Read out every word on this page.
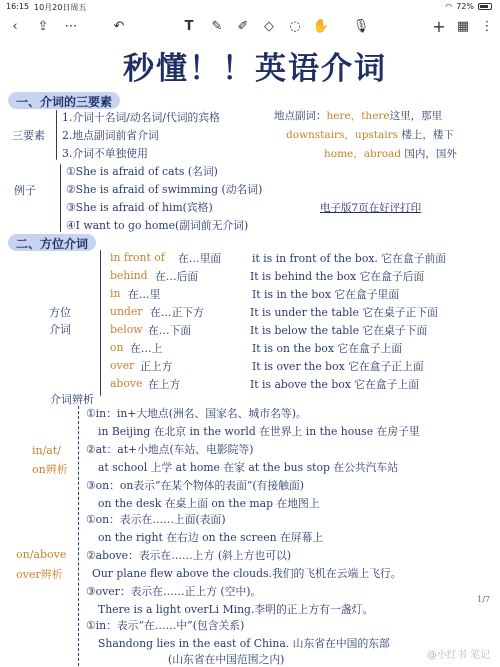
16:15 10月20日周五	◠ 72%
‹	⇪ ⋯	↶	T	✎ ✐	◇	◌ ✋ 🎙	+ ▦ ⋮
秒懂！！英语介词
一、介词的三要素
三要素
1.介词十名词/动名词/代词的宾格
2.地点副词前省介词
3.介词不单独使用
地点副词：here，there这里，那里
downstairs，upstairs 楼上，楼下
home，abroad 国内，国外
例子
①She is afraid of cats (名词)
②She is afraid of swimming (动名词)
③She is afraid of him(宾格)
④I want to go home(副词前无介词)
电子版7页在好评打印
二、方位介词
方位介词
in front of 在…里面	it is in front of the box. 它在盒子前面
behind 在…后面	It is behind the box 它在盒子后面
in 在…里	It is in the box 它在盒子里面
under 在…正下方	It is under the table 它在桌子正下面
below 在…下面	It is below the table 它在桌子下面
on 在…上	It is on the box 它在盒子上面
over 正上方	It is over the box 它在盒子正上面
above 在上方	It is above the box 它在盒子上面
介词辨析
in/at/
on辨析
①in：in+大地点(洲名、国家名、城市名等)。
in Beijing 在北京 in the world 在世界上 in the house 在房子里
②at：at+小地点(车站、电影院等)
at school 上学 at home 在家 at the bus stop 在公共汽车站
③on：on表示“在某个物体的表面”(有接触面)
on the desk 在桌上面 on the map 在地图上
on/above
over辨析
①on：表示在……上面(表面)
on the right 在右边 on the screen 在屏幕上
②above：表示在……上方 (斜上方也可以)
Our plane flew above the clouds.我们的飞机在云端上飞行。
③over：表示在……正上方 (空中)。
There is a light overLi Ming.李明的正上方有一盏灯。
①in：表示“在……中”(包含关系)
Shandong lies in the east of China. 山东省在中国的东部
(山东省在中国范围之内)
1/7
@小红书 笔记
